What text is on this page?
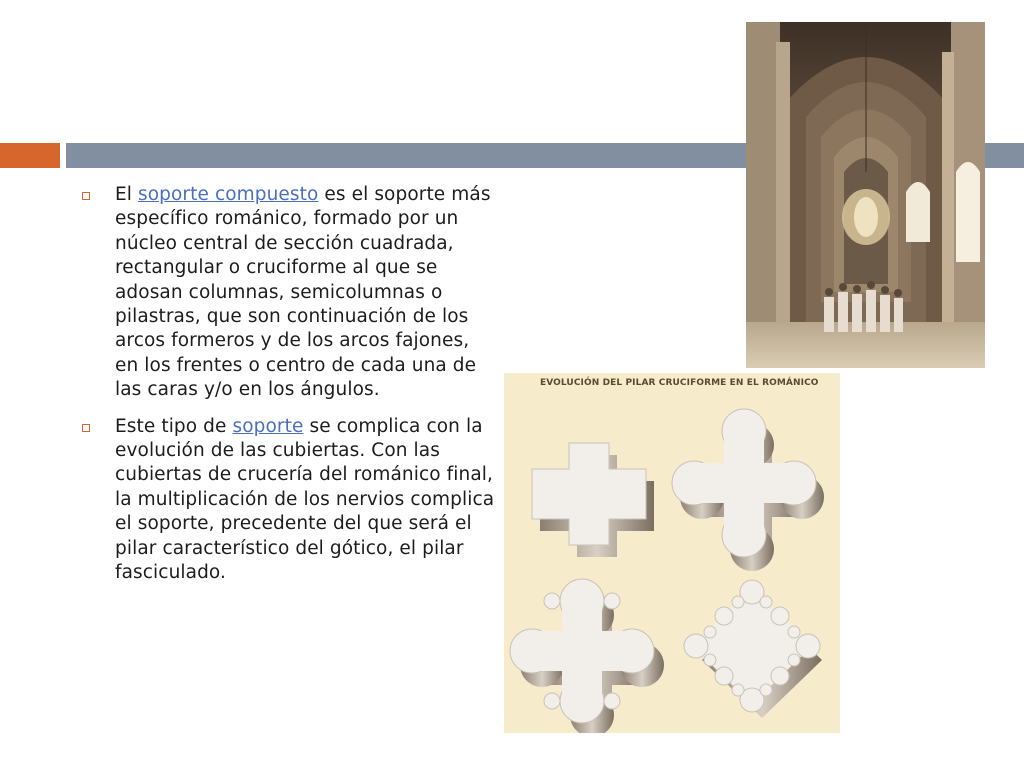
El soporte compuesto es el soporte más específico románico, formado por un núcleo central de sección cuadrada, rectangular o cruciforme al que se adosan columnas, semicolumnas o pilastras, que son continuación de los arcos formeros y de los arcos fajones, en los frentes o centro de cada una de las caras y/o en los ángulos.
Este tipo de soporte se complica con la evolución de las cubiertas. Con las cubiertas de crucería del románico final, la multiplicación de los nervios complica el soporte, precedente del que será el pilar característico del gótico, el pilar fasciculado.
EVOLUCIÓN DEL PILAR CRUCIFORME EN EL ROMÁNICO
